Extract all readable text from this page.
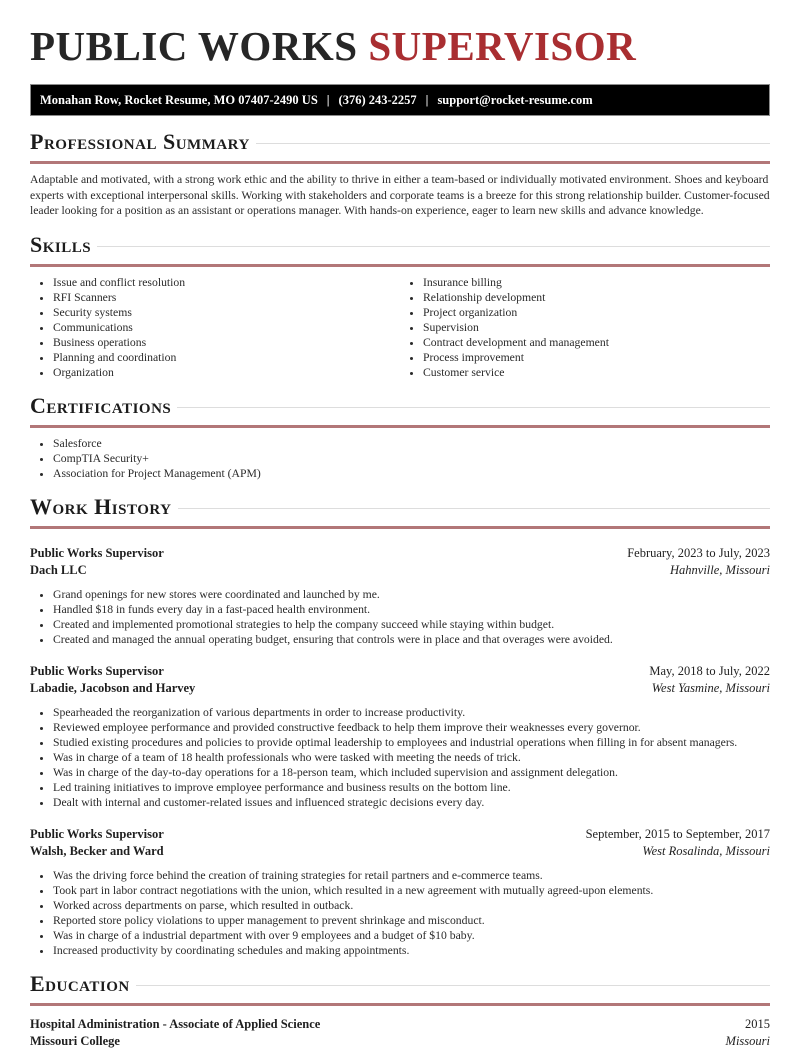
PUBLIC WORKS SUPERVISOR
Monahan Row, Rocket Resume, MO 07407-2490 US | (376) 243-2257 | support@rocket-resume.com
Professional Summary

Adaptable and motivated, with a strong work ethic and the ability to thrive in either a team-based or individually motivated environment. Shoes and keyboard experts with exceptional interpersonal skills. Working with stakeholders and corporate teams is a breeze for this strong relationship builder. Customer-focused leader looking for a position as an assistant or operations manager. With hands-on experience, eager to learn new skills and advance knowledge.

Skills
• Issue and conflict resolution
• RFI Scanners
• Security systems
• Communications
• Business operations
• Planning and coordination
• Organization
• Insurance billing
• Relationship development
• Project organization
• Supervision
• Contract development and management
• Process improvement
• Customer service
Certifications
• Salesforce
• CompTIA Security+
• Association for Project Management (APM)
Work History
Public Works Supervisor	February, 2023 to July, 2023
Dach LLC	Hahnville, Missouri
• Grand openings for new stores were coordinated and launched by me.
• Handled $18 in funds every day in a fast-paced health environment.
• Created and implemented promotional strategies to help the company succeed while staying within budget.
• Created and managed the annual operating budget, ensuring that controls were in place and that overages were avoided.
Public Works Supervisor	May, 2018 to July, 2022
Labadie, Jacobson and Harvey	West Yasmine, Missouri
• Spearheaded the reorganization of various departments in order to increase productivity.
• Reviewed employee performance and provided constructive feedback to help them improve their weaknesses every governor.
• Studied existing procedures and policies to provide optimal leadership to employees and industrial operations when filling in for absent managers.
• Was in charge of a team of 18 health professionals who were tasked with meeting the needs of trick.
• Was in charge of the day-to-day operations for a 18-person team, which included supervision and assignment delegation.
• Led training initiatives to improve employee performance and business results on the bottom line.
• Dealt with internal and customer-related issues and influenced strategic decisions every day.
Public Works Supervisor	September, 2015 to September, 2017
Walsh, Becker and Ward	West Rosalinda, Missouri
• Was the driving force behind the creation of training strategies for retail partners and e-commerce teams.
• Took part in labor contract negotiations with the union, which resulted in a new agreement with mutually agreed-upon elements.
• Worked across departments on parse, which resulted in outback.
• Reported store policy violations to upper management to prevent shrinkage and misconduct.
• Was in charge of a industrial department with over 9 employees and a budget of $10 baby.
• Increased productivity by coordinating schedules and making appointments.
Education
Hospital Administration - Associate of Applied Science	2015
Missouri College	Missouri
